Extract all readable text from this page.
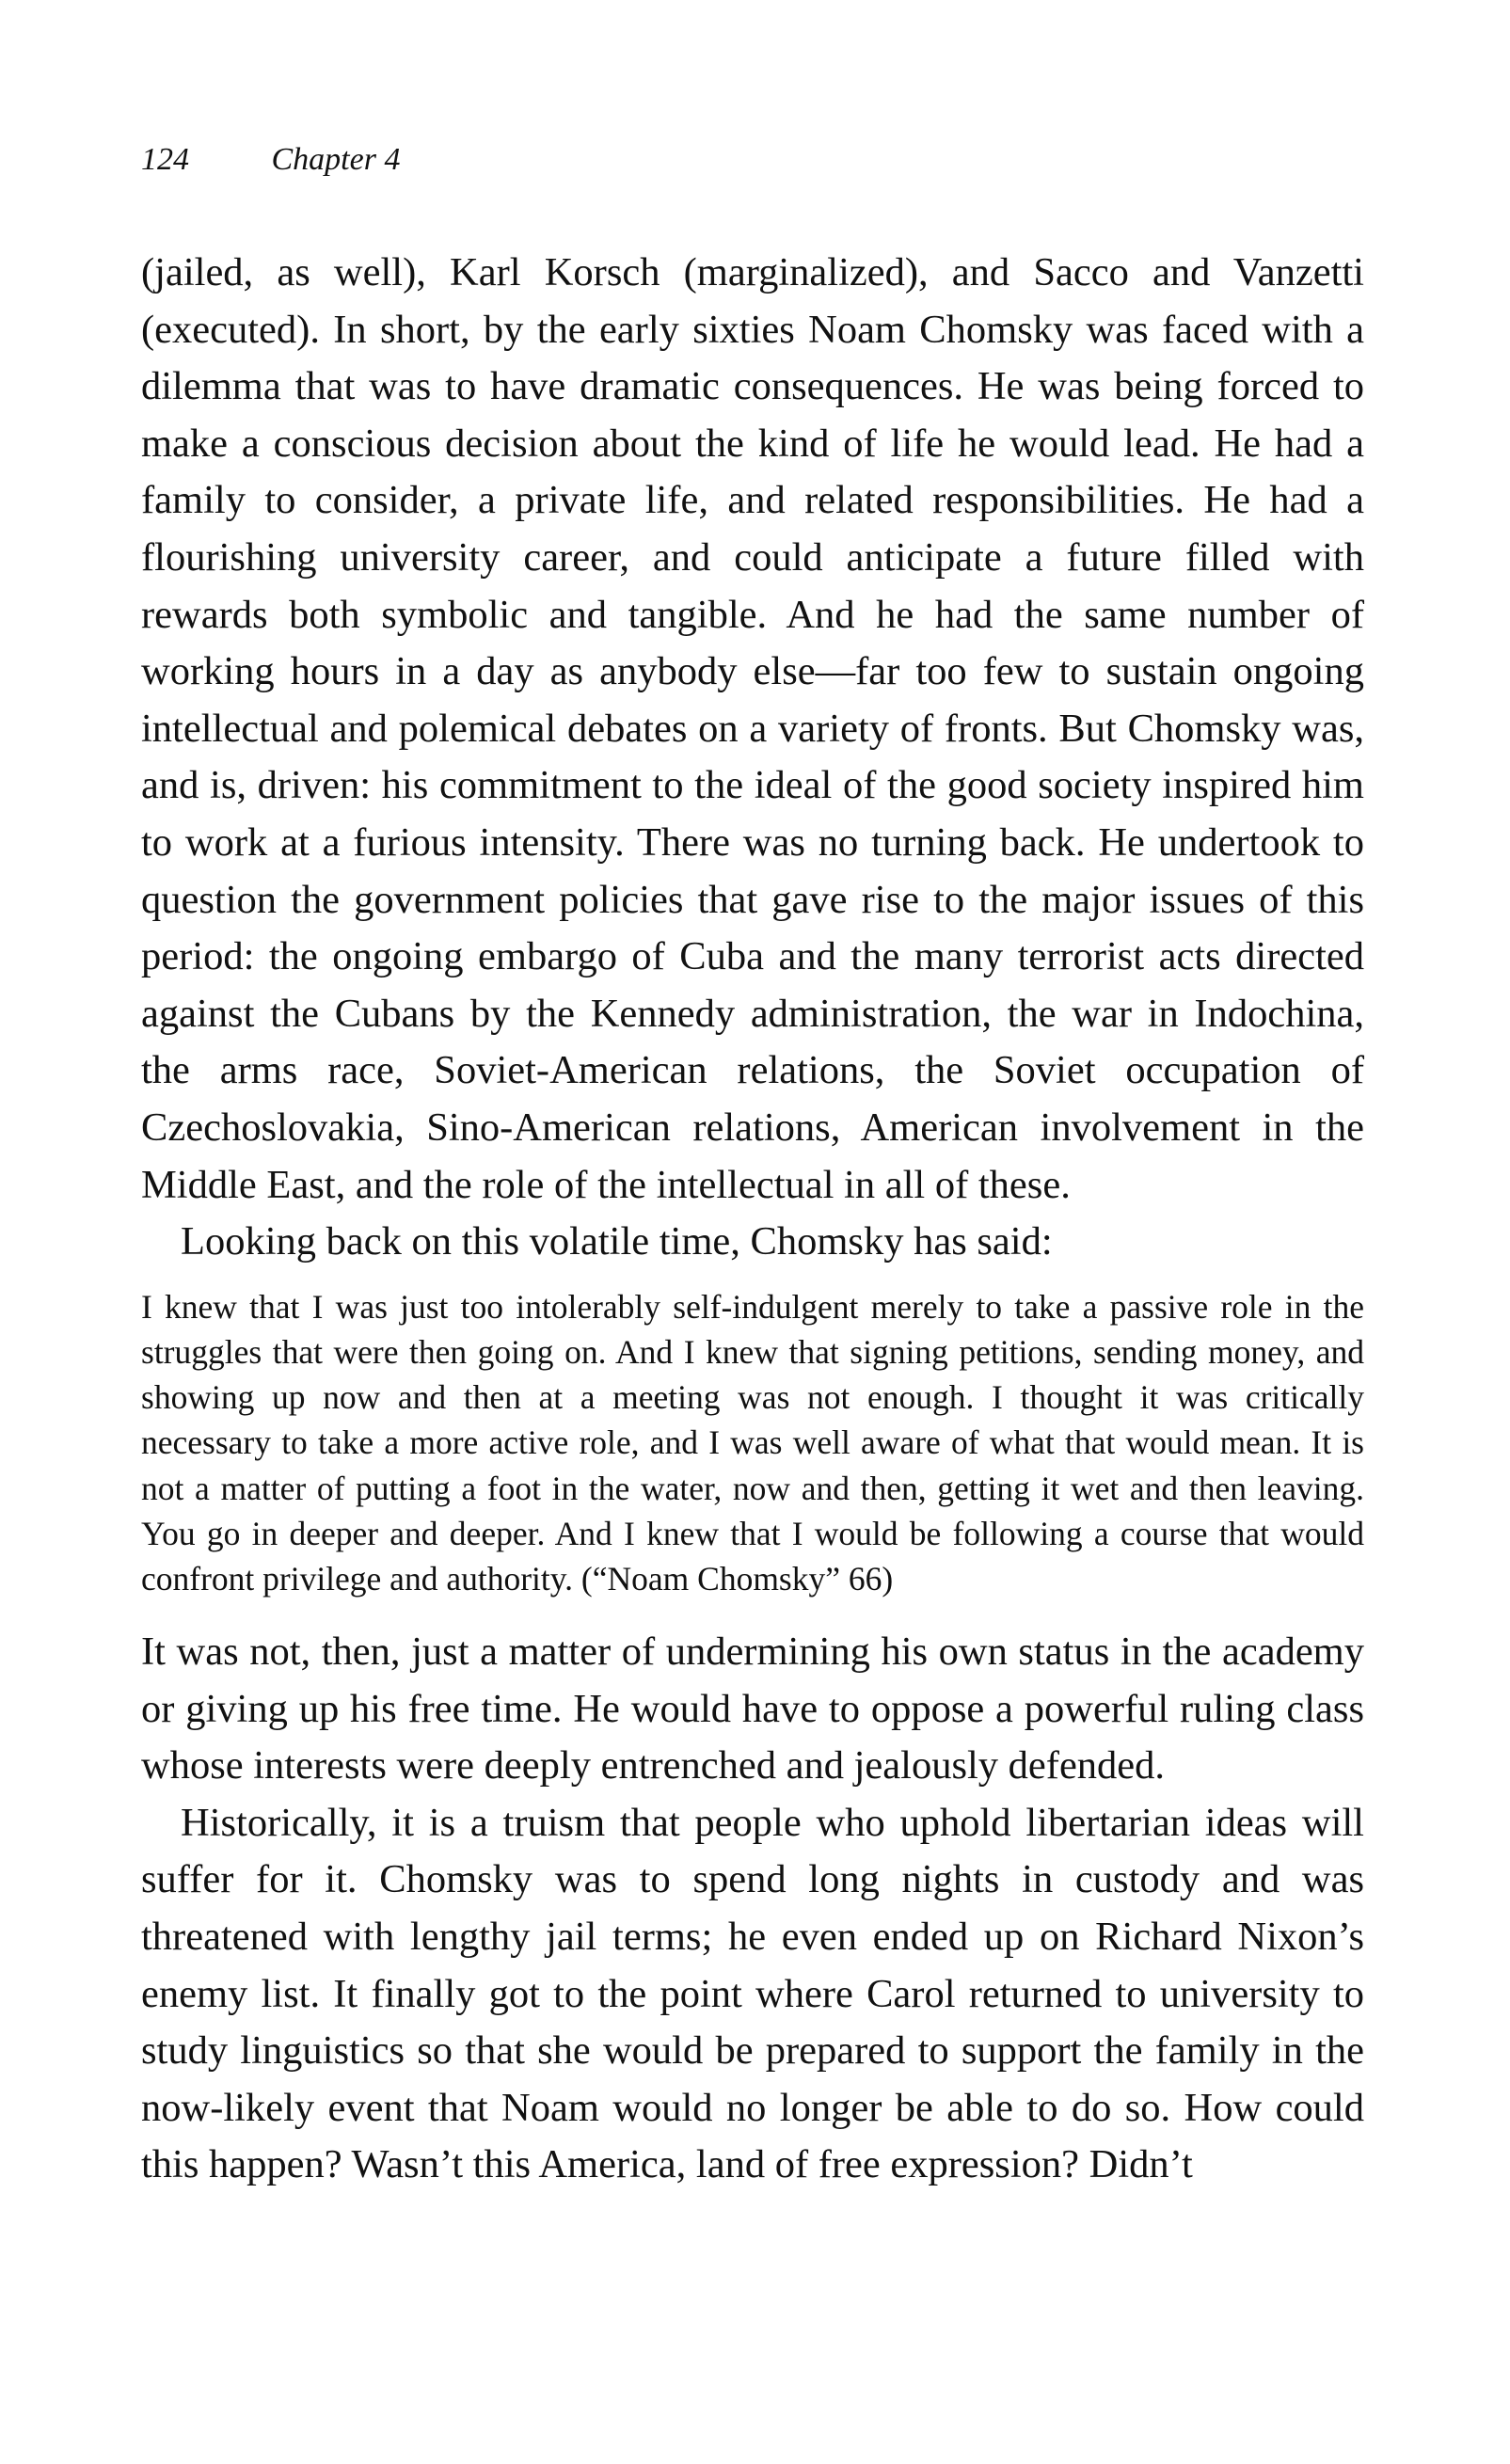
124	Chapter 4

(jailed, as well), Karl Korsch (marginalized), and Sacco and Vanzetti (executed). In short, by the early sixties Noam Chomsky was faced with a dilemma that was to have dramatic consequences. He was being forced to make a conscious decision about the kind of life he would lead. He had a family to consider, a private life, and related responsibilities. He had a flourishing university career, and could anticipate a future filled with rewards both symbolic and tangible. And he had the same number of working hours in a day as anybody else—far too few to sustain ongoing intellectual and polemical debates on a variety of fronts. But Chomsky was, and is, driven: his commitment to the ideal of the good society inspired him to work at a furious intensity. There was no turning back. He undertook to question the government policies that gave rise to the major issues of this period: the ongoing embargo of Cuba and the many terrorist acts directed against the Cubans by the Kennedy administration, the war in Indochina, the arms race, Soviet-American relations, the Soviet occupation of Czechoslovakia, Sino-American relations, American involvement in the Middle East, and the role of the intellectual in all of these.

Looking back on this volatile time, Chomsky has said:

I knew that I was just too intolerably self-indulgent merely to take a passive role in the struggles that were then going on. And I knew that signing petitions, sending money, and showing up now and then at a meeting was not enough. I thought it was critically necessary to take a more active role, and I was well aware of what that would mean. It is not a matter of putting a foot in the water, now and then, getting it wet and then leaving. You go in deeper and deeper. And I knew that I would be following a course that would confront privilege and authority. (“Noam Chomsky” 66)

It was not, then, just a matter of undermining his own status in the academy or giving up his free time. He would have to oppose a powerful ruling class whose interests were deeply entrenched and jealously defended.

Historically, it is a truism that people who uphold libertarian ideas will suffer for it. Chomsky was to spend long nights in custody and was threatened with lengthy jail terms; he even ended up on Richard Nixon’s enemy list. It finally got to the point where Carol returned to university to study linguistics so that she would be prepared to support the family in the now-likely event that Noam would no longer be able to do so. How could this happen? Wasn’t this America, land of free expression? Didn’t
